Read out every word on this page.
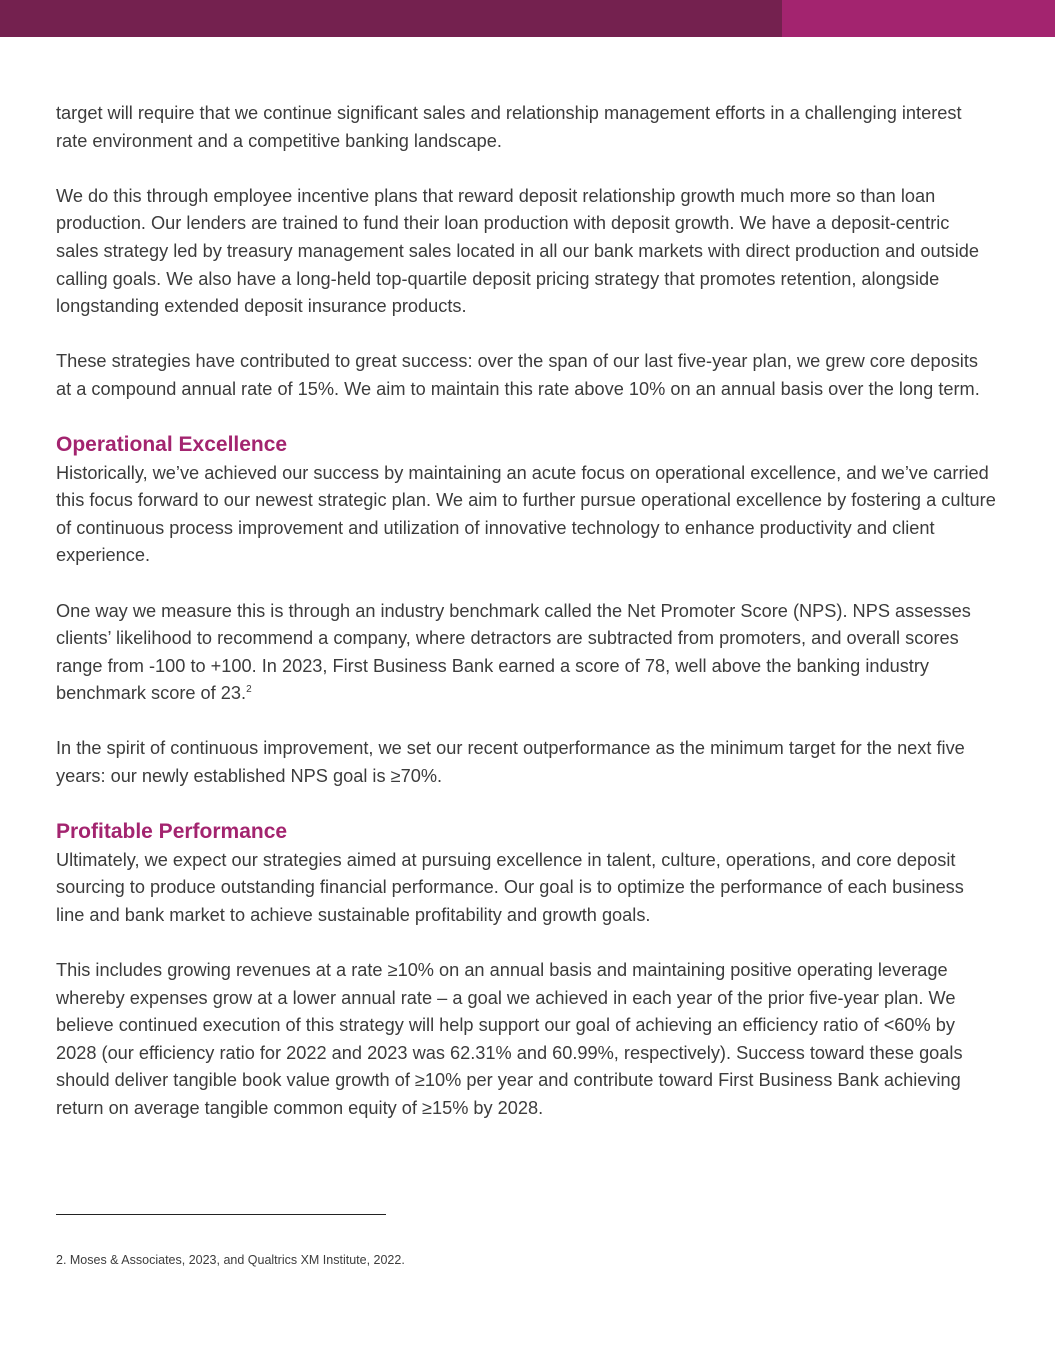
target will require that we continue significant sales and relationship management efforts in a challenging interest rate environment and a competitive banking landscape.

We do this through employee incentive plans that reward deposit relationship growth much more so than loan production. Our lenders are trained to fund their loan production with deposit growth. We have a deposit-centric sales strategy led by treasury management sales located in all our bank markets with direct production and outside calling goals. We also have a long-held top-quartile deposit pricing strategy that promotes retention, alongside longstanding extended deposit insurance products.

These strategies have contributed to great success: over the span of our last five-year plan, we grew core deposits at a compound annual rate of 15%. We aim to maintain this rate above 10% on an annual basis over the long term.

Operational Excellence

Historically, we’ve achieved our success by maintaining an acute focus on operational excellence, and we’ve carried this focus forward to our newest strategic plan. We aim to further pursue operational excellence by fostering a culture of continuous process improvement and utilization of innovative technology to enhance productivity and client experience.

One way we measure this is through an industry benchmark called the Net Promoter Score (NPS). NPS assesses clients’ likelihood to recommend a company, where detractors are subtracted from promoters, and overall scores range from -100 to +100. In 2023, First Business Bank earned a score of 78, well above the banking industry benchmark score of 23.$^2$

In the spirit of continuous improvement, we set our recent outperformance as the minimum target for the next five years: our newly established NPS goal is ≥70%.

Profitable Performance

Ultimately, we expect our strategies aimed at pursuing excellence in talent, culture, operations, and core deposit sourcing to produce outstanding financial performance. Our goal is to optimize the performance of each business line and bank market to achieve sustainable profitability and growth goals.

This includes growing revenues at a rate ≥10% on an annual basis and maintaining positive operating leverage whereby expenses grow at a lower annual rate – a goal we achieved in each year of the prior five-year plan. We believe continued execution of this strategy will help support our goal of achieving an efficiency ratio of <60% by 2028 (our efficiency ratio for 2022 and 2023 was 62.31% and 60.99%, respectively). Success toward these goals should deliver tangible book value growth of ≥10% per year and contribute toward First Business Bank achieving return on average tangible common equity of ≥15% by 2028.

2. Moses & Associates, 2023, and Qualtrics XM Institute, 2022.
